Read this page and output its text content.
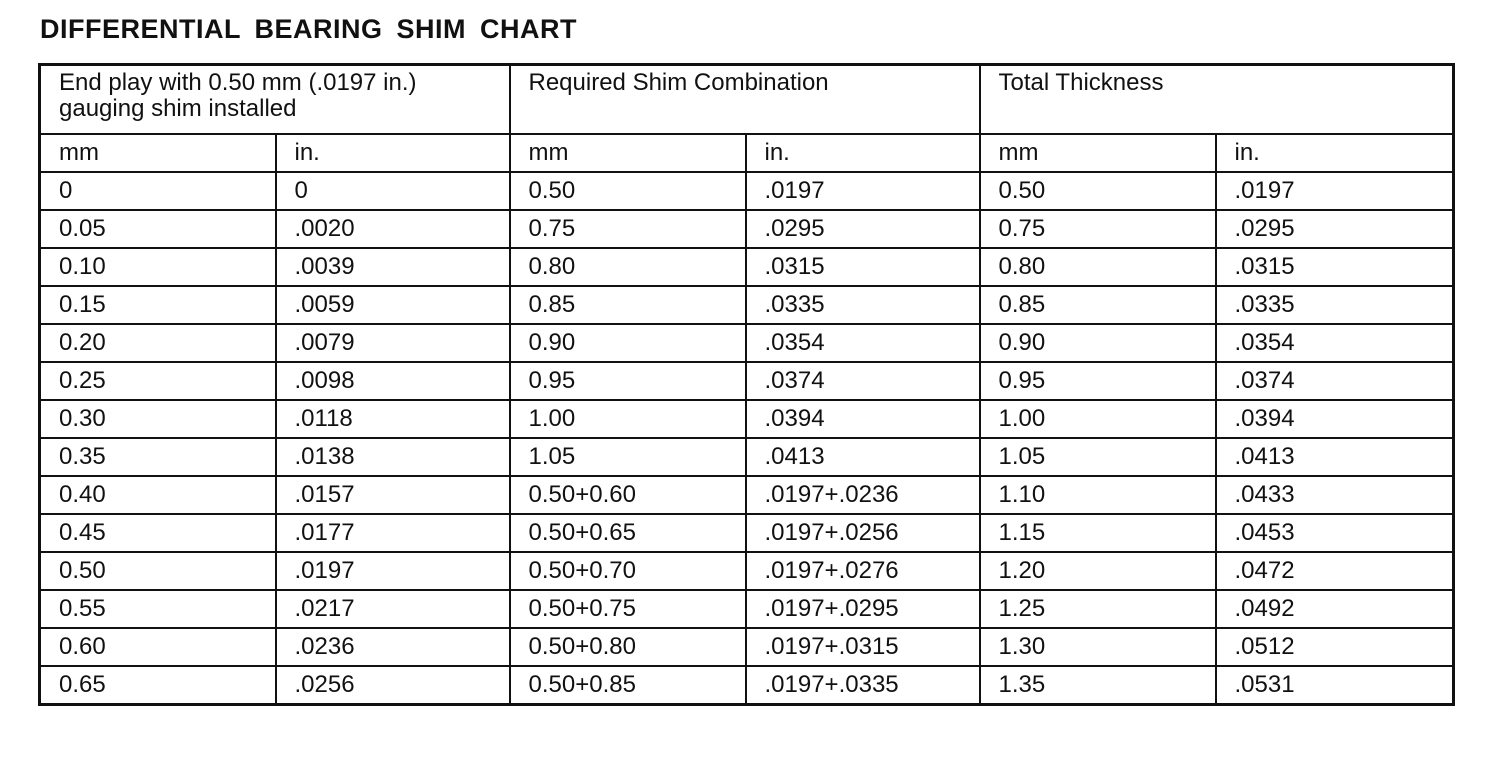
DIFFERENTIAL BEARING SHIM CHART
End play with 0.50 mm (.0197 in.) gauging shim installed		Required Shim Combination		Total Thickness	
mm	in.	mm	in.	mm	in.
0	0	0.50	.0197	0.50	.0197
0.05	.0020	0.75	.0295	0.75	.0295
0.10	.0039	0.80	.0315	0.80	.0315
0.15	.0059	0.85	.0335	0.85	.0335
0.20	.0079	0.90	.0354	0.90	.0354
0.25	.0098	0.95	.0374	0.95	.0374
0.30	.0118	1.00	.0394	1.00	.0394
0.35	.0138	1.05	.0413	1.05	.0413
0.40	.0157	0.50+0.60	.0197+.0236	1.10	.0433
0.45	.0177	0.50+0.65	.0197+.0256	1.15	.0453
0.50	.0197	0.50+0.70	.0197+.0276	1.20	.0472
0.55	.0217	0.50+0.75	.0197+.0295	1.25	.0492
0.60	.0236	0.50+0.80	.0197+.0315	1.30	.0512
0.65	.0256	0.50+0.85	.0197+.0335	1.35	.0531
